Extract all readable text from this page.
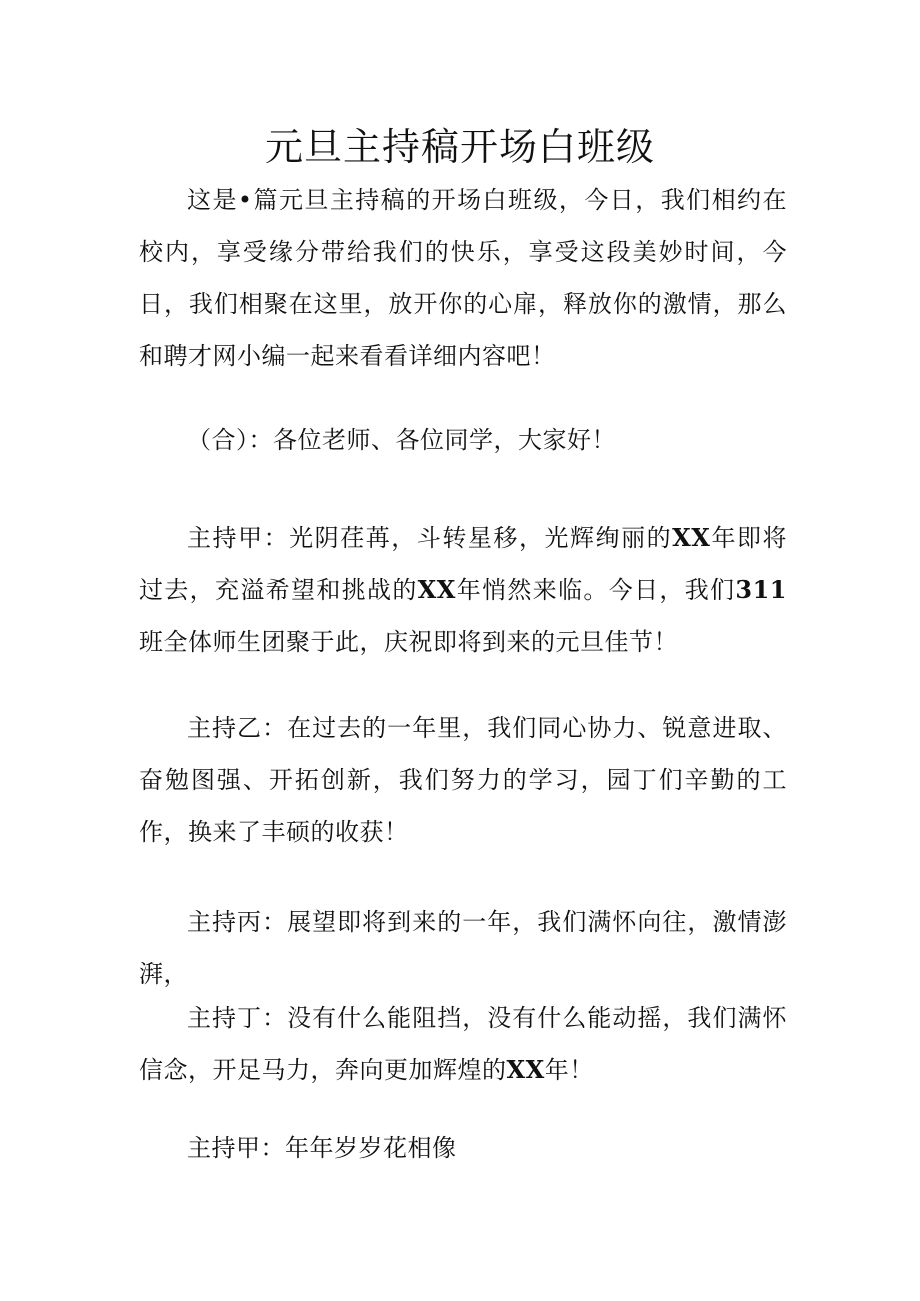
元旦主持稿开场白班级

这是•篇元旦主持稿的开场白班级，今日，我们相约在校内，享受缘分带给我们的快乐，享受这段美妙时间，今日，我们相聚在这里，放开你的心扉，释放你的激情，那么和聘才网小编一起来看看详细内容吧！

（合）：各位老师、各位同学，大家好！

主持甲：光阴荏苒，斗转星移，光辉绚丽的XX年即将过去，充溢希望和挑战的XX年悄然来临。今日，我们311班全体师生团聚于此，庆祝即将到来的元旦佳节！

主持乙：在过去的一年里，我们同心协力、锐意进取、奋勉图强、开拓创新，我们努力的学习，园丁们辛勤的工作，换来了丰硕的收获！

主持丙：展望即将到来的一年，我们满怀向往，激情澎湃，

主持丁：没有什么能阻挡，没有什么能动摇，我们满怀信念，开足马力，奔向更加辉煌的XX年！

主持甲：年年岁岁花相像
